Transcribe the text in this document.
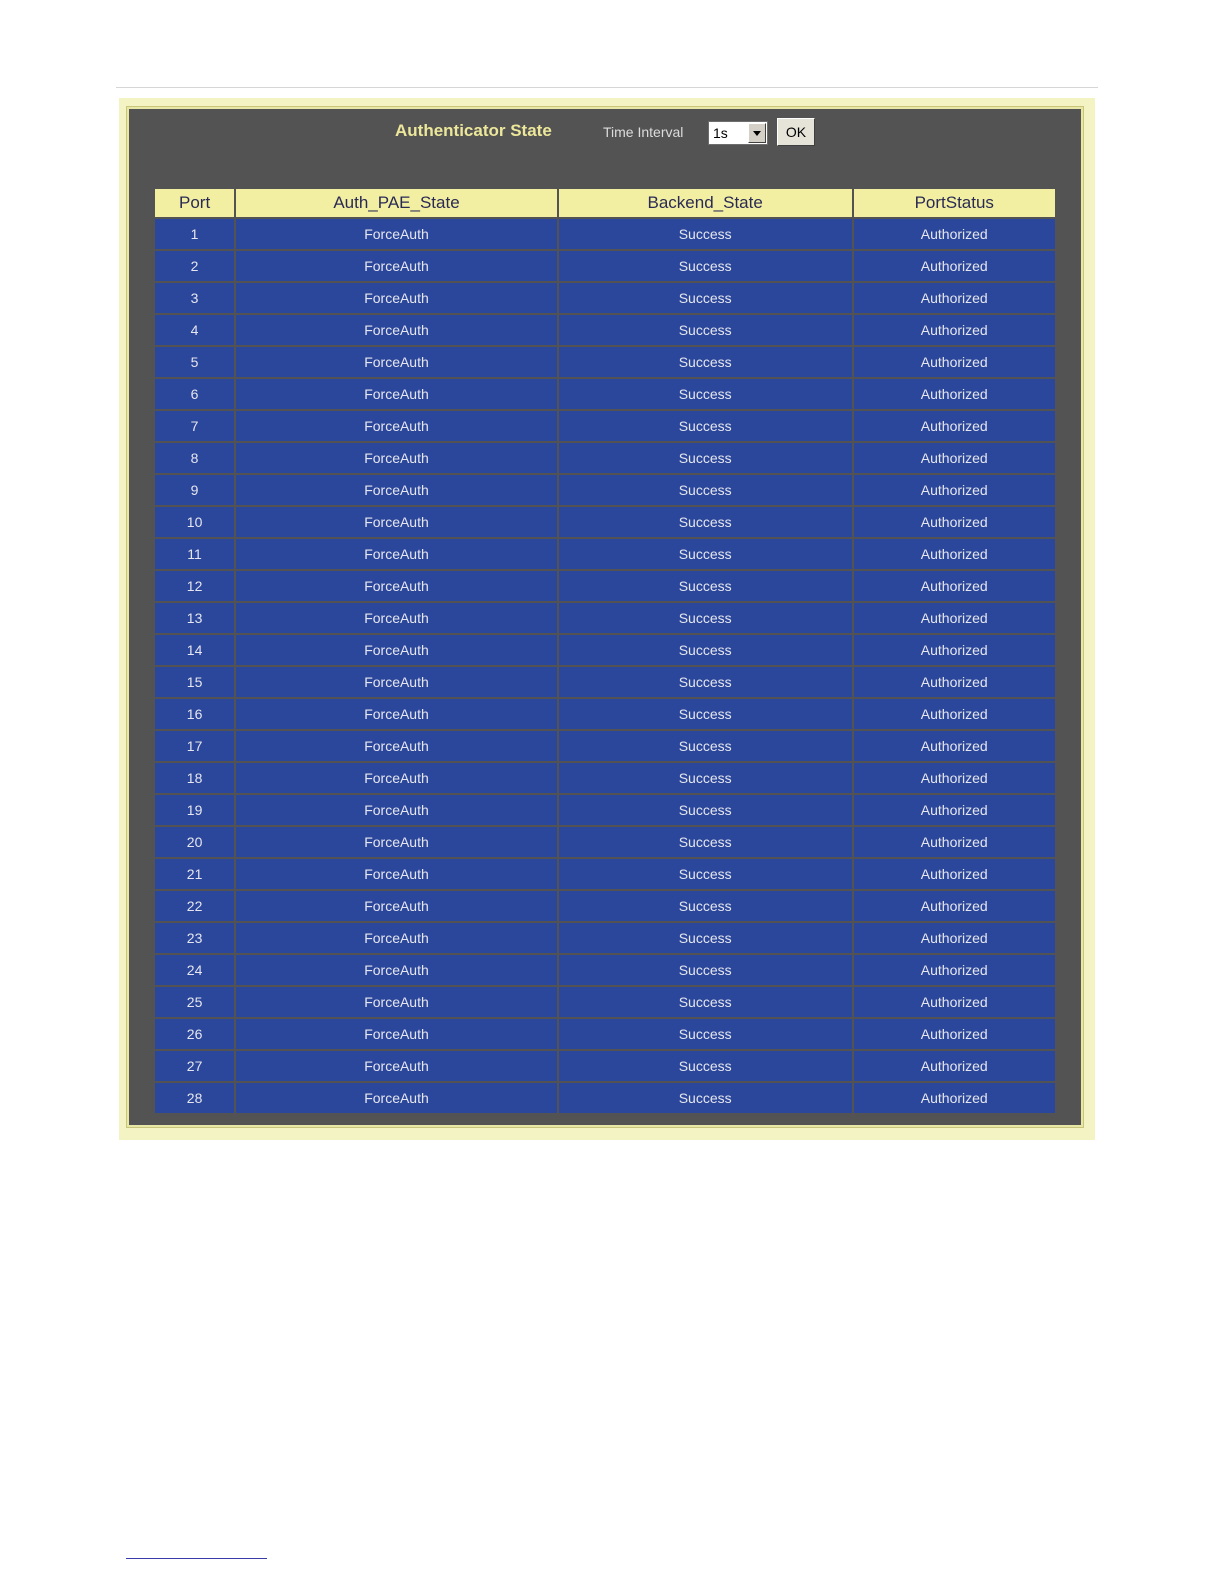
Authenticator State	Time Interval 1s	OK
Port	Auth_PAE_State	Backend_State	PortStatus
1	ForceAuth	Success	Authorized
2	ForceAuth	Success	Authorized
3	ForceAuth	Success	Authorized
4	ForceAuth	Success	Authorized
5	ForceAuth	Success	Authorized
6	ForceAuth	Success	Authorized
7	ForceAuth	Success	Authorized
8	ForceAuth	Success	Authorized
9	ForceAuth	Success	Authorized
10	ForceAuth	Success	Authorized
11	ForceAuth	Success	Authorized
12	ForceAuth	Success	Authorized
13	ForceAuth	Success	Authorized
14	ForceAuth	Success	Authorized
15	ForceAuth	Success	Authorized
16	ForceAuth	Success	Authorized
17	ForceAuth	Success	Authorized
18	ForceAuth	Success	Authorized
19	ForceAuth	Success	Authorized
20	ForceAuth	Success	Authorized
21	ForceAuth	Success	Authorized
22	ForceAuth	Success	Authorized
23	ForceAuth	Success	Authorized
24	ForceAuth	Success	Authorized
25	ForceAuth	Success	Authorized
26	ForceAuth	Success	Authorized
27	ForceAuth	Success	Authorized
28	ForceAuth	Success	Authorized
